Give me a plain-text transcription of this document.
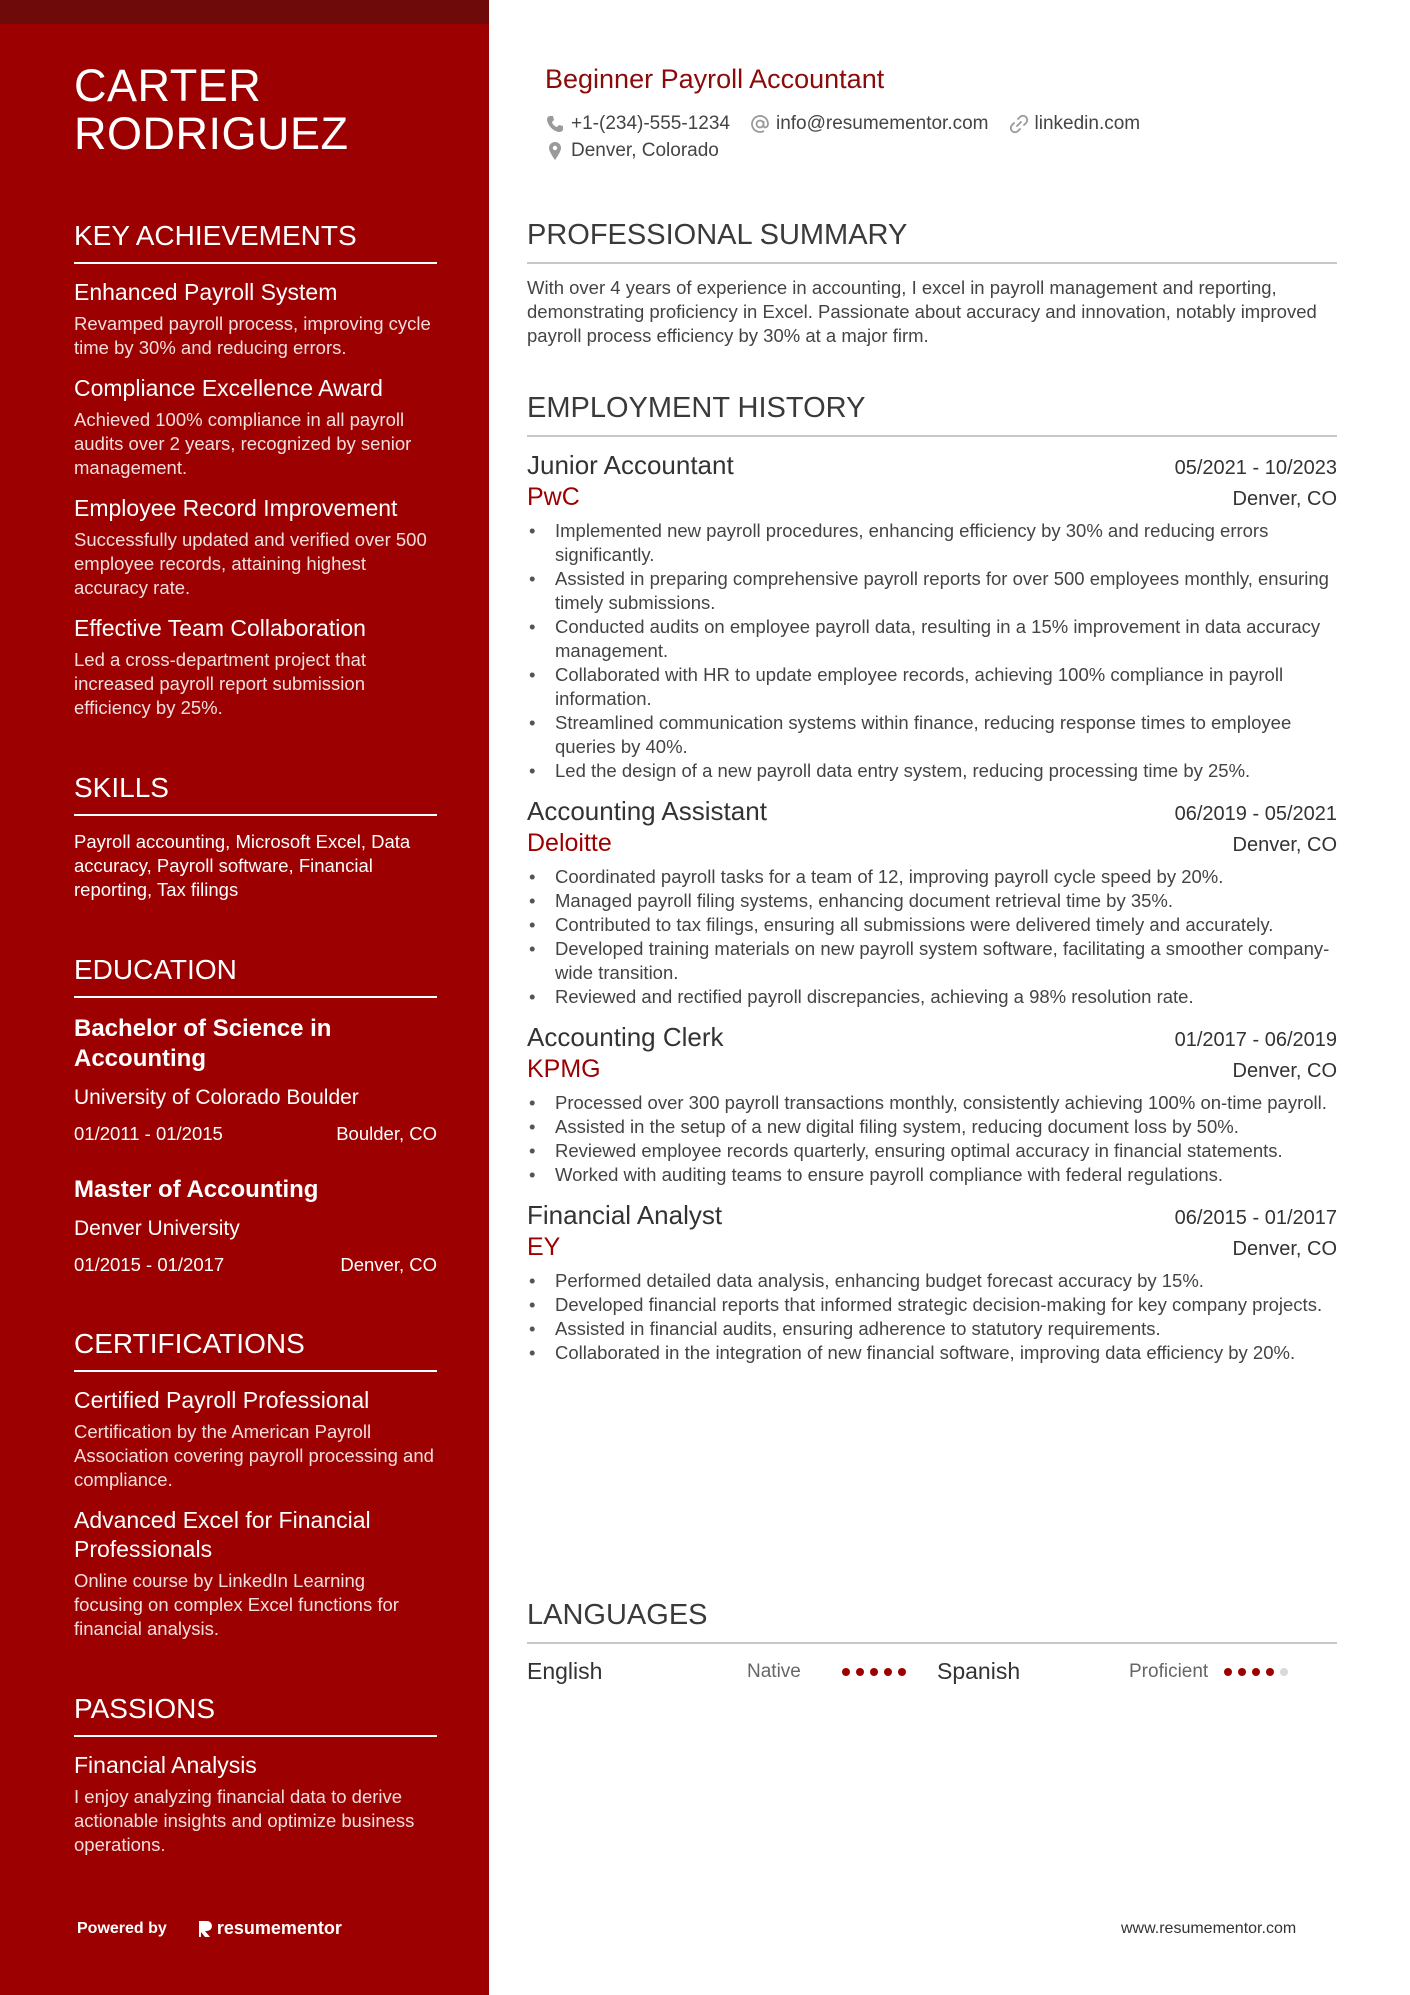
CARTER
RODRIGUEZ
KEY ACHIEVEMENTS
Enhanced Payroll System
Revamped payroll process, improving cycle time by 30% and reducing errors.
Compliance Excellence Award
Achieved 100% compliance in all payroll audits over 2 years, recognized by senior management.
Employee Record Improvement
Successfully updated and verified over 500 employee records, attaining highest accuracy rate.
Effective Team Collaboration
Led a cross-department project that increased payroll report submission efficiency by 25%.
SKILLS
Payroll accounting, Microsoft Excel, Data accuracy, Payroll software, Financial reporting, Tax filings
EDUCATION
Bachelor of Science in Accounting
University of Colorado Boulder
01/2011 - 01/2015	Boulder, CO
Master of Accounting
Denver University
01/2015 - 01/2017	Denver, CO
CERTIFICATIONS
Certified Payroll Professional
Certification by the American Payroll Association covering payroll processing and compliance.
Advanced Excel for Financial Professionals
Online course by LinkedIn Learning focusing on complex Excel functions for financial analysis.
PASSIONS
Financial Analysis
I enjoy analyzing financial data to derive actionable insights and optimize business operations.
Powered by	resumementor
Beginner Payroll Accountant
+1-(234)-555-1234 info@resumementor.com linkedin.com
Denver, Colorado
PROFESSIONAL SUMMARY
With over 4 years of experience in accounting, I excel in payroll management and reporting, demonstrating proficiency in Excel. Passionate about accuracy and innovation, notably improved payroll process efficiency by 30% at a major firm.
EMPLOYMENT HISTORY
Junior Accountant	05/2021 - 10/2023
PwC	Denver, CO
• Implemented new payroll procedures, enhancing efficiency by 30% and reducing errors significantly.
• Assisted in preparing comprehensive payroll reports for over 500 employees monthly, ensuring timely submissions.
• Conducted audits on employee payroll data, resulting in a 15% improvement in data accuracy management.
• Collaborated with HR to update employee records, achieving 100% compliance in payroll information.
• Streamlined communication systems within finance, reducing response times to employee queries by 40%.
• Led the design of a new payroll data entry system, reducing processing time by 25%.
Accounting Assistant	06/2019 - 05/2021
Deloitte	Denver, CO
• Coordinated payroll tasks for a team of 12, improving payroll cycle speed by 20%.
• Managed payroll filing systems, enhancing document retrieval time by 35%.
• Contributed to tax filings, ensuring all submissions were delivered timely and accurately.
• Developed training materials on new payroll system software, facilitating a smoother company-wide transition.
• Reviewed and rectified payroll discrepancies, achieving a 98% resolution rate.
Accounting Clerk	01/2017 - 06/2019
KPMG	Denver, CO
• Processed over 300 payroll transactions monthly, consistently achieving 100% on-time payroll.
• Assisted in the setup of a new digital filing system, reducing document loss by 50%.
• Reviewed employee records quarterly, ensuring optimal accuracy in financial statements.
• Worked with auditing teams to ensure payroll compliance with federal regulations.
Financial Analyst	06/2015 - 01/2017
EY	Denver, CO
• Performed detailed data analysis, enhancing budget forecast accuracy by 15%.
• Developed financial reports that informed strategic decision-making for key company projects.
• Assisted in financial audits, ensuring adherence to statutory requirements.
• Collaborated in the integration of new financial software, improving data efficiency by 20%.
LANGUAGES
English	Native	Spanish	Proficient
www.resumementor.com
